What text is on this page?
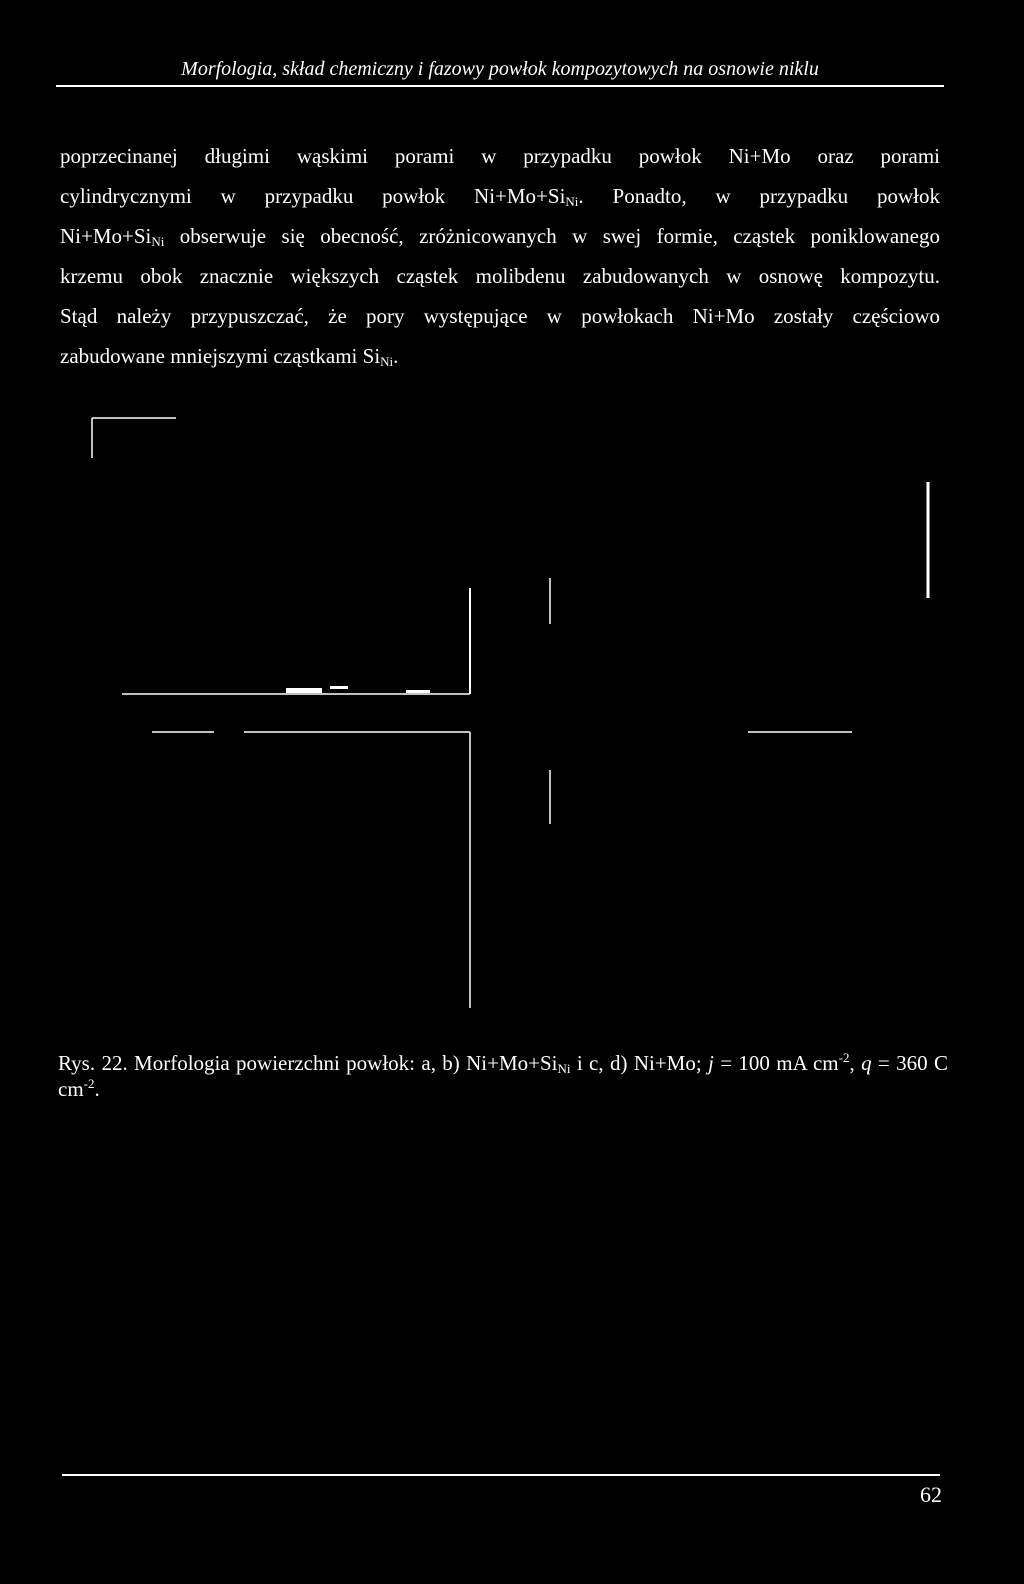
Morfologia, skład chemiczny i fazowy powłok kompozytowych na osnowie niklu
poprzecinanej długimi wąskimi porami w przypadku powłok Ni+Mo oraz porami
cylindrycznymi w przypadku powłok $Ni+Mo+Si_{Ni}$. Ponadto, w przypadku powłok
$Ni+Mo+Si_{Ni}$ obserwuje się obecność, zróżnicowanych w swej formie, cząstek poniklowanego
krzemu obok znacznie większych cząstek molibdenu zabudowanych w osnowę kompozytu.
Stąd należy przypuszczać, że pory występujące w powłokach Ni+Mo zostały częściowo
zabudowane mniejszymi cząstkami $Si_{Ni}$.
Rys. 22. Morfologia powierzchni powłok: a, b) $Ni+Mo+Si_{Ni}$ i c, d) Ni+Mo; j = 100 mA $cm^{-2}$, q = 360 C $cm^{-2}$.
62
